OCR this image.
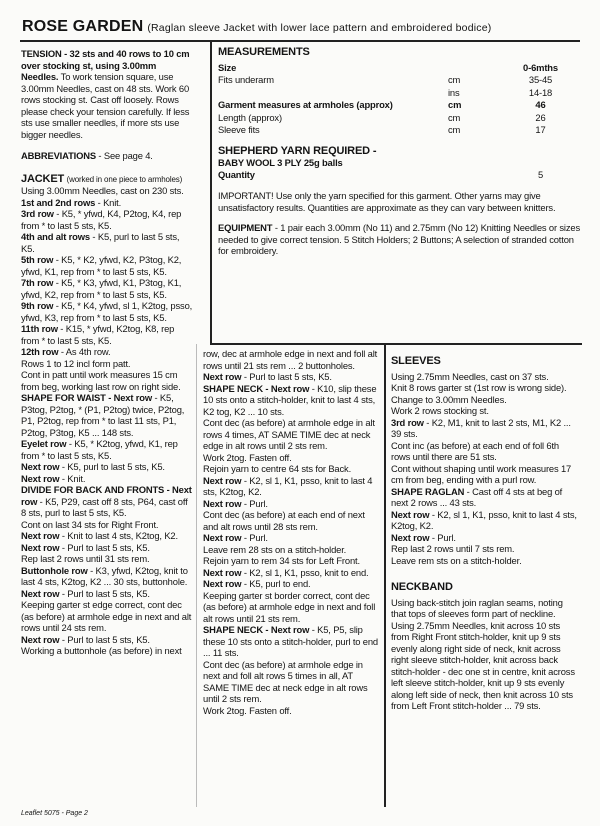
ROSE GARDEN (Raglan sleeve Jacket with lower lace pattern and embroidered bodice)

TENSION - 32 sts and 40 rows to 10 cm over stocking st, using 3.00mm Needles. To work tension square, use 3.00mm Needles, cast on 48 sts. Work 60 rows stocking st. Cast off loosely. Rows please check your tension carefully. If less sts use smaller needles, if more sts use bigger needles.

ABBREVIATIONS - See page 4.

JACKET (worked in one piece to armholes)

Using 3.00mm Needles, cast on 230 sts.

1st and 2nd rows - Knit.

3rd row - K5, * yfwd, K4, P2tog, K4, rep from * to last 5 sts, K5.

4th and alt rows - K5, purl to last 5 sts, K5.

5th row - K5, * K2, yfwd, K2, P3tog, K2, yfwd, K1, rep from * to last 5 sts, K5.

7th row - K5, * K3, yfwd, K1, P3tog, K1, yfwd, K2, rep from * to last 5 sts, K5.

9th row - K5, * K4, yfwd, sl 1, K2tog, psso, yfwd, K3, rep from * to last 5 sts, K5.

11th row - K15, * yfwd, K2tog, K8, rep from * to last 5 sts, K5.

12th row - As 4th row.

Rows 1 to 12 incl form patt.

Cont in patt until work measures 15 cm from beg, working last row on right side.

SHAPE FOR WAIST - Next row - K5, P3tog, P2tog, * (P1, P2tog) twice, P2tog, P1, P2tog, rep from * to last 11 sts, P1, P2tog, P3tog, K5 ... 148 sts.

Eyelet row - K5, * K2tog, yfwd, K1, rep from * to last 5 sts, K5.

Next row - K5, purl to last 5 sts, K5.

Next row - Knit.

DIVIDE FOR BACK AND FRONTS - Next row - K5, P29, cast off 8 sts, P64, cast off 8 sts, purl to last 5 sts, K5.

Cont on last 34 sts for Right Front.

Next row - Knit to last 4 sts, K2tog, K2.

Next row - Purl to last 5 sts, K5.

Rep last 2 rows until 31 sts rem.

Buttonhole row - K3, yfwd, K2tog, knit to last 4 sts, K2tog, K2 ... 30 sts, buttonhole.

Next row - Purl to last 5 sts, K5.

Keeping garter st edge correct, cont dec (as before) at armhole edge in next and alt rows until 24 sts rem.

Next row - Purl to last 5 sts, K5.

Working a buttonhole (as before) in next

MEASUREMENTS
Size		0-6mths
Fits underarm	cm	35-45
	ins	14-18
Garment measures at armholes (approx)	cm	46
Length (approx)	cm	26
Sleeve fits	cm	17
SHEPHERD YARN REQUIRED -
BABY WOOL 3 PLY 25g balls
Quantity	5

IMPORTANT! Use only the yarn specified for this garment. Other yarns may give unsatisfactory results. Quantities are approximate as they can vary between knitters.

EQUIPMENT - 1 pair each 3.00mm (No 11) and 2.75mm (No 12) Knitting Needles or sizes needed to give correct tension. 5 Stitch Holders; 2 Buttons; A selection of stranded cotton for embroidery.

row, dec at armhole edge in next and foll alt rows until 21 sts rem ... 2 buttonholes.

Next row - Purl to last 5 sts, K5.

SHAPE NECK - Next row - K10, slip these 10 sts onto a stitch-holder, knit to last 4 sts, K2 tog, K2 ... 10 sts.

Cont dec (as before) at armhole edge in alt rows 4 times, AT SAME TIME dec at neck edge in alt rows until 2 sts rem.

Work 2tog. Fasten off.

Rejoin yarn to centre 64 sts for Back.

Next row - K2, sl 1, K1, psso, knit to last 4 sts, K2tog, K2.

Next row - Purl.

Cont dec (as before) at each end of next and alt rows until 28 sts rem.

Next row - Purl.

Leave rem 28 sts on a stitch-holder.

Rejoin yarn to rem 34 sts for Left Front.

Next row - K2, sl 1, K1, psso, knit to end.

Next row - K5, purl to end.

Keeping garter st border correct, cont dec (as before) at armhole edge in next and foll alt rows until 21 sts rem.

SHAPE NECK - Next row - K5, P5, slip these 10 sts onto a stitch-holder, purl to end ... 11 sts.

Cont dec (as before) at armhole edge in next and foll alt rows 5 times in all, AT SAME TIME dec at neck edge in alt rows until 2 sts rem.

Work 2tog. Fasten off.

SLEEVES

Using 2.75mm Needles, cast on 37 sts.

Knit 8 rows garter st (1st row is wrong side). Change to 3.00mm Needles.

Work 2 rows stocking st.

3rd row - K2, M1, knit to last 2 sts, M1, K2 ... 39 sts.

Cont inc (as before) at each end of foll 6th rows until there are 51 sts.

Cont without shaping until work measures 17 cm from beg, ending with a purl row.

SHAPE RAGLAN - Cast off 4 sts at beg of next 2 rows ... 43 sts.

Next row - K2, sl 1, K1, psso, knit to last 4 sts, K2tog, K2.

Next row - Purl.

Rep last 2 rows until 7 sts rem.

Leave rem sts on a stitch-holder.

NECKBAND

Using back-stitch join raglan seams, noting that tops of sleeves form part of neckline. Using 2.75mm Needles, knit across 10 sts from Right Front stitch-holder, knit up 9 sts evenly along right side of neck, knit across right sleeve stitch-holder, knit across back stitch-holder - dec one st in centre, knit across left sleeve stitch-holder, knit up 9 sts evenly along left side of neck, then knit across 10 sts from Left Front stitch-holder ... 79 sts.

Leaflet 5075 - Page 2
